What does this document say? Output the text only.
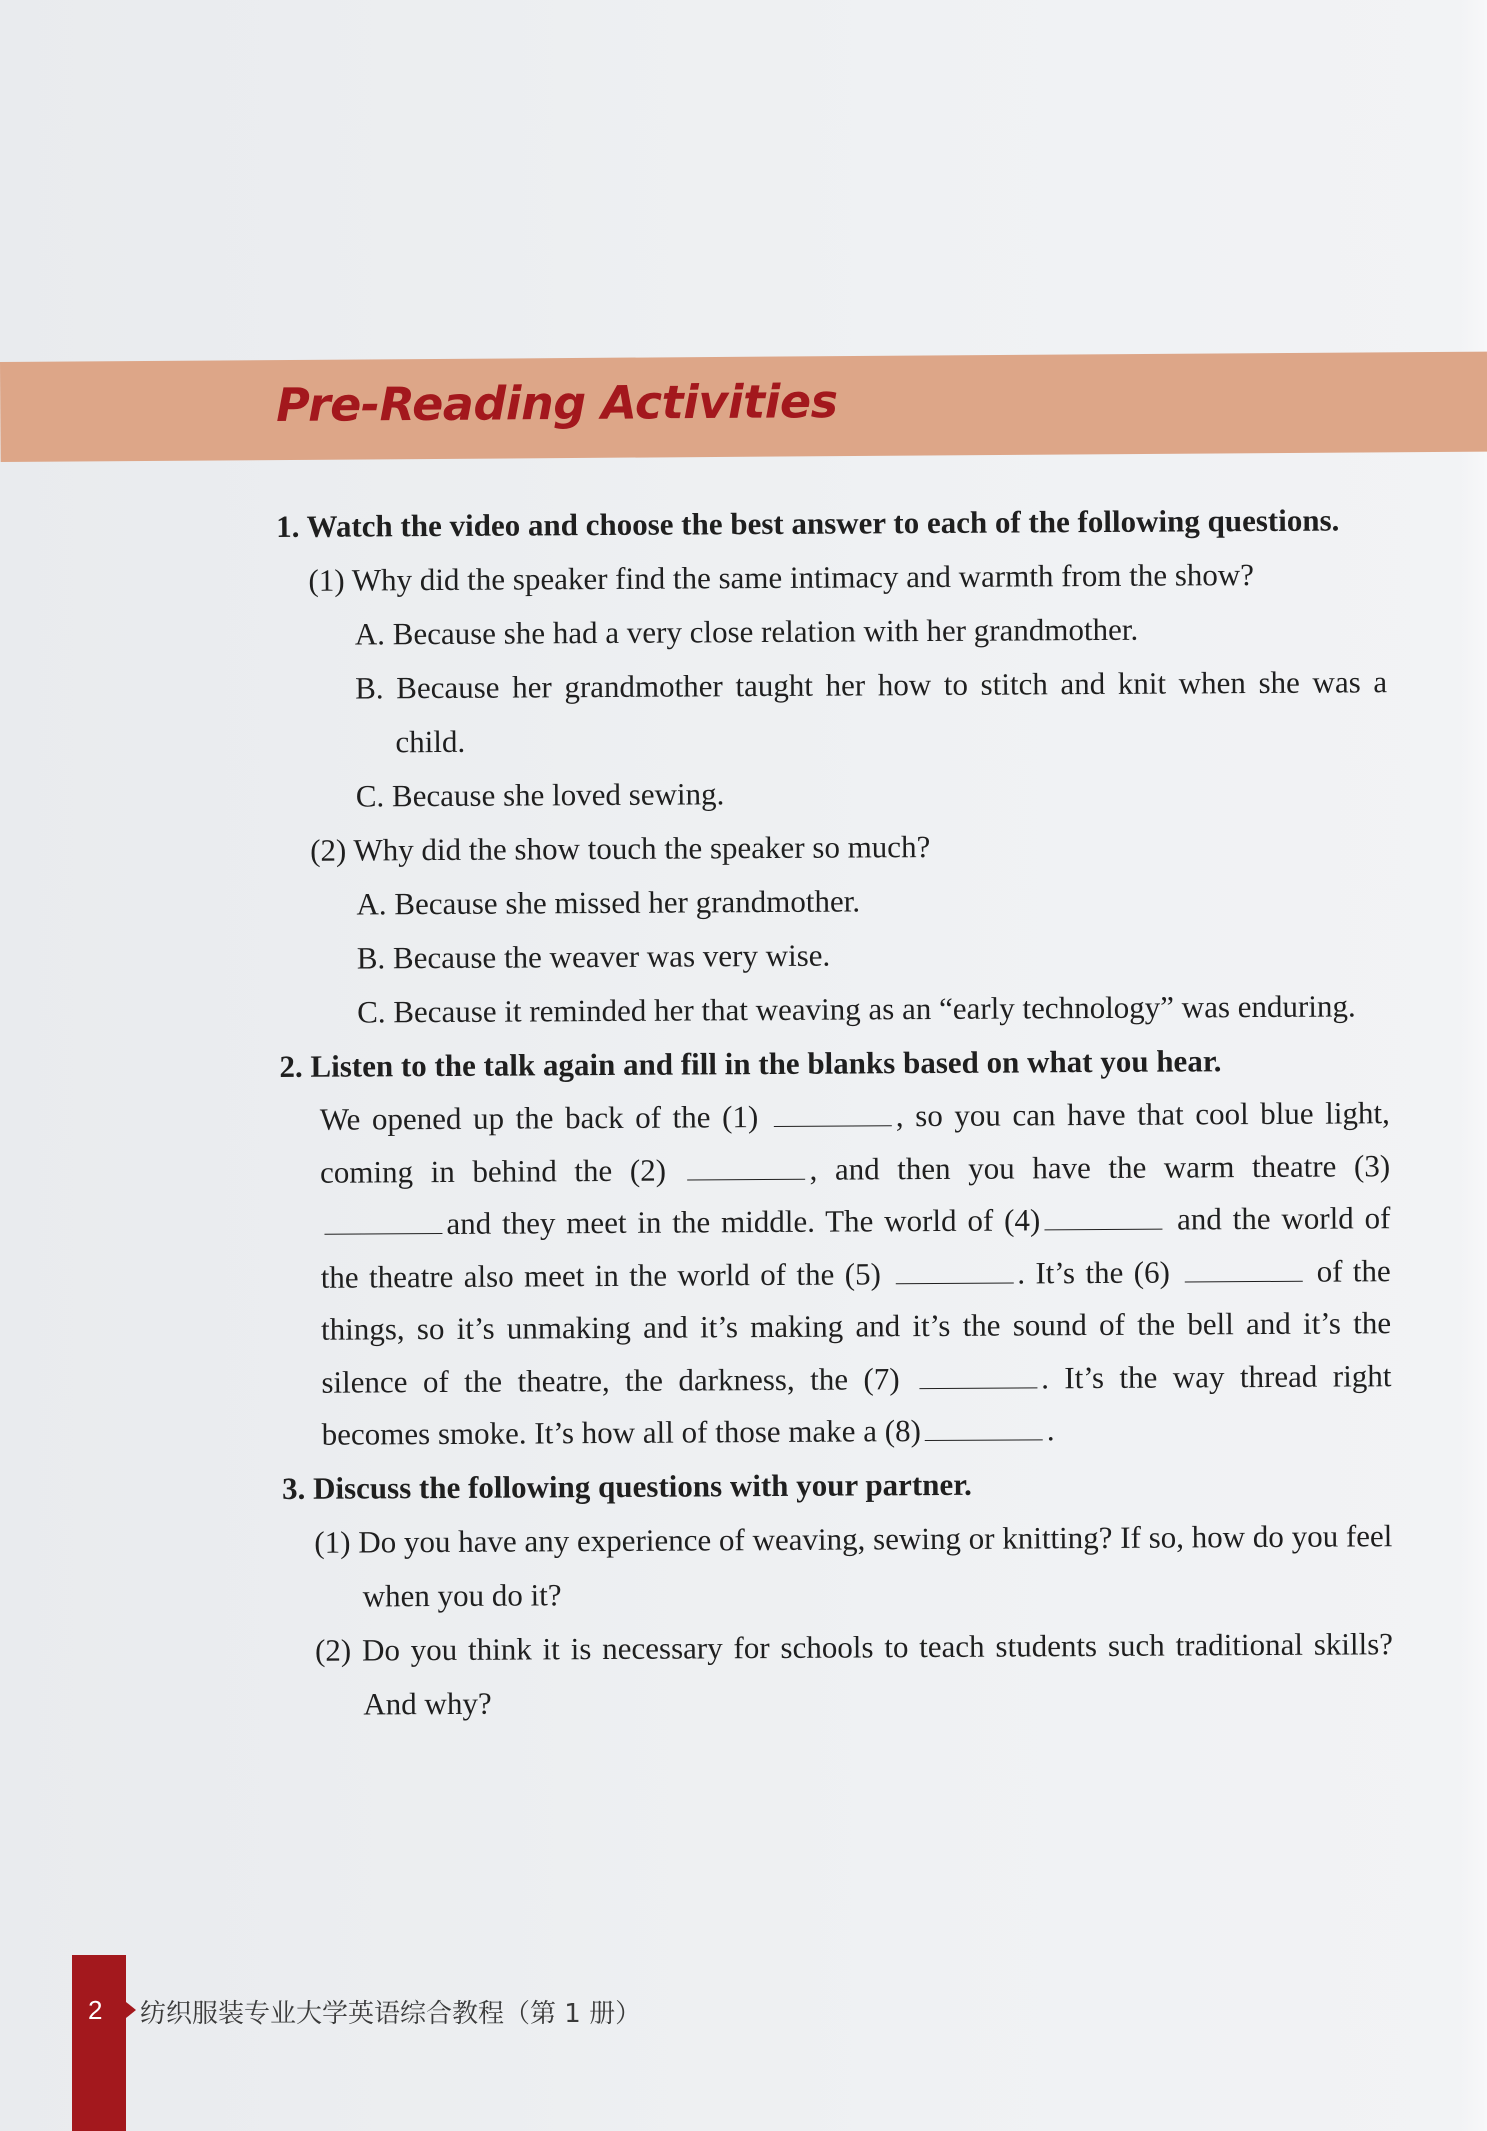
Pre-Reading Activities

1. Watch the video and choose the best answer to each of the following questions.

(1) Why did the speaker find the same intimacy and warmth from the show?

A. Because she had a very close relation with her grandmother.

B. Because her grandmother taught her how to stitch and knit when she was a child.

C. Because she loved sewing.

(2) Why did the show touch the speaker so much?

A. Because she missed her grandmother.

B. Because the weaver was very wise.

C. Because it reminded her that weaving as an “early technology” was enduring.

2. Listen to the talk again and fill in the blanks based on what you hear.

We opened up the back of the (1)	, so you can have that cool blue light, coming in behind the (2)	, and then you have the warm theatre (3) and they meet in the middle. The world of (4)	and the world of the theatre also meet in the world of the (5)	. It’s the (6)	of the things, so it’s unmaking and it’s making and it’s the sound of the bell and it’s the silence of the theatre, the darkness, the (7)	. It’s the way thread right becomes smoke. It’s how all of those make a (8)	.

3. Discuss the following questions with your partner.

(1) Do you have any experience of weaving, sewing or knitting? If so, how do you feel when you do it?

(2) Do you think it is necessary for schools to teach students such traditional skills? And why?

2 纺织服装专业大学英语综合教程（第 1 册）
